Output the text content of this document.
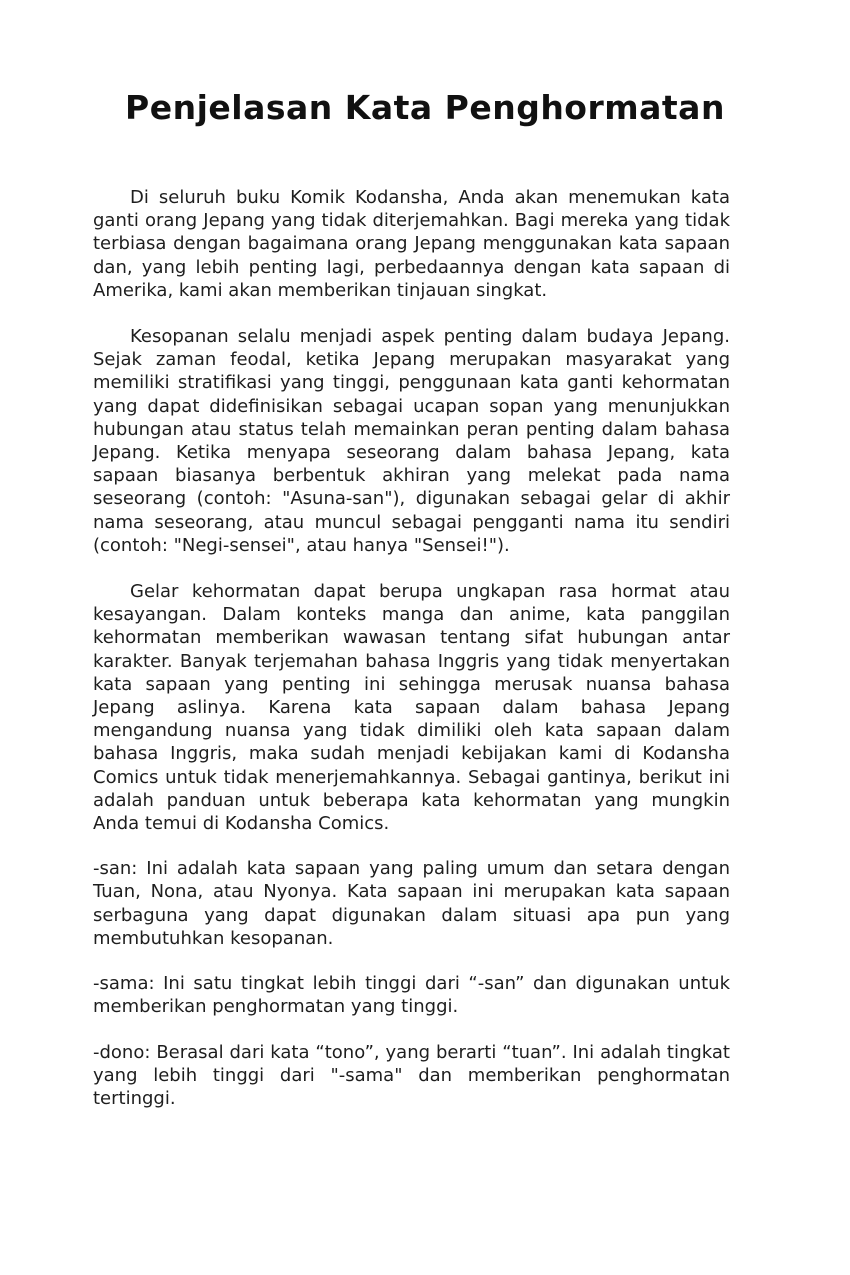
Penjelasan Kata Penghormatan

Di seluruh buku Komik Kodansha, Anda akan menemukan kata ganti orang Jepang yang tidak diterjemahkan. Bagi mereka yang tidak terbiasa dengan bagaimana orang Jepang menggunakan kata sapaan dan, yang lebih penting lagi, perbedaannya dengan kata sapaan di Amerika, kami akan memberikan tinjauan singkat.

Kesopanan selalu menjadi aspek penting dalam budaya Jepang. Sejak zaman feodal, ketika Jepang merupakan masyarakat yang memiliki stratifikasi yang tinggi, penggunaan kata ganti kehormatan yang dapat didefinisikan sebagai ucapan sopan yang menunjukkan hubungan atau status telah memainkan peran penting dalam bahasa Jepang. Ketika menyapa seseorang dalam bahasa Jepang, kata sapaan biasanya berbentuk akhiran yang melekat pada nama seseorang (contoh: "Asuna-san"), digunakan sebagai gelar di akhir nama seseorang, atau muncul sebagai pengganti nama itu sendiri (contoh: "Negi-sensei", atau hanya "Sensei!").

Gelar kehormatan dapat berupa ungkapan rasa hormat atau kesayangan. Dalam konteks manga dan anime, kata panggilan kehormatan memberikan wawasan tentang sifat hubungan antar karakter. Banyak terjemahan bahasa Inggris yang tidak menyertakan kata sapaan yang penting ini sehingga merusak nuansa bahasa Jepang aslinya. Karena kata sapaan dalam bahasa Jepang mengandung nuansa yang tidak dimiliki oleh kata sapaan dalam bahasa Inggris, maka sudah menjadi kebijakan kami di Kodansha Comics untuk tidak menerjemahkannya. Sebagai gantinya, berikut ini adalah panduan untuk beberapa kata kehormatan yang mungkin Anda temui di Kodansha Comics.

-san: Ini adalah kata sapaan yang paling umum dan setara dengan Tuan, Nona, atau Nyonya. Kata sapaan ini merupakan kata sapaan serbaguna yang dapat digunakan dalam situasi apa pun yang membutuhkan kesopanan.

-sama: Ini satu tingkat lebih tinggi dari “-san” dan digunakan untuk memberikan penghormatan yang tinggi.

-dono: Berasal dari kata “tono”, yang berarti “tuan”. Ini adalah tingkat yang lebih tinggi dari "-sama" dan memberikan penghormatan tertinggi.
